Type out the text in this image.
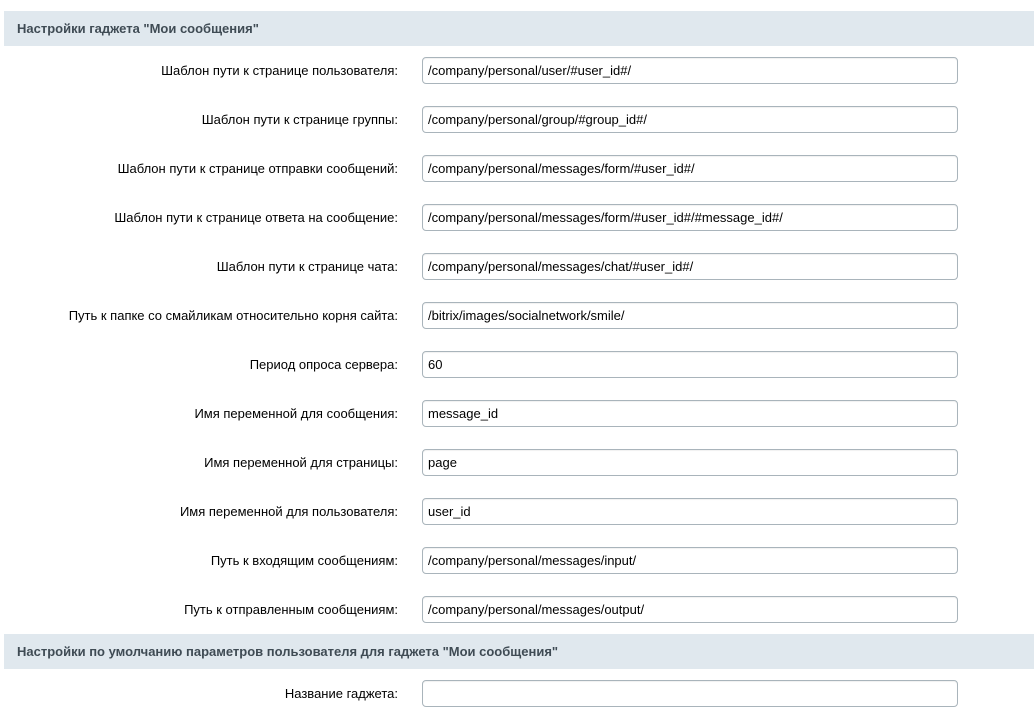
Настройки гаджета "Мои сообщения"
Шаблон пути к странице пользователя:
/company/personal/user/#user_id#/
Шаблон пути к странице группы:
/company/personal/group/#group_id#/
Шаблон пути к странице отправки сообщений:
/company/personal/messages/form/#user_id#/
Шаблон пути к странице ответа на сообщение:
/company/personal/messages/form/#user_id#/#message_id#/
Шаблон пути к странице чата:
/company/personal/messages/chat/#user_id#/
Путь к папке со смайликам относительно корня сайта:
/bitrix/images/socialnetwork/smile/
Период опроса сервера:
60
Имя переменной для сообщения:
message_id
Имя переменной для страницы:
page
Имя переменной для пользователя:
user_id
Путь к входящим сообщениям:
/company/personal/messages/input/
Путь к отправленным сообщениям:
/company/personal/messages/output/
Настройки по умолчанию параметров пользователя для гаджета "Мои сообщения"
Название гаджета:
